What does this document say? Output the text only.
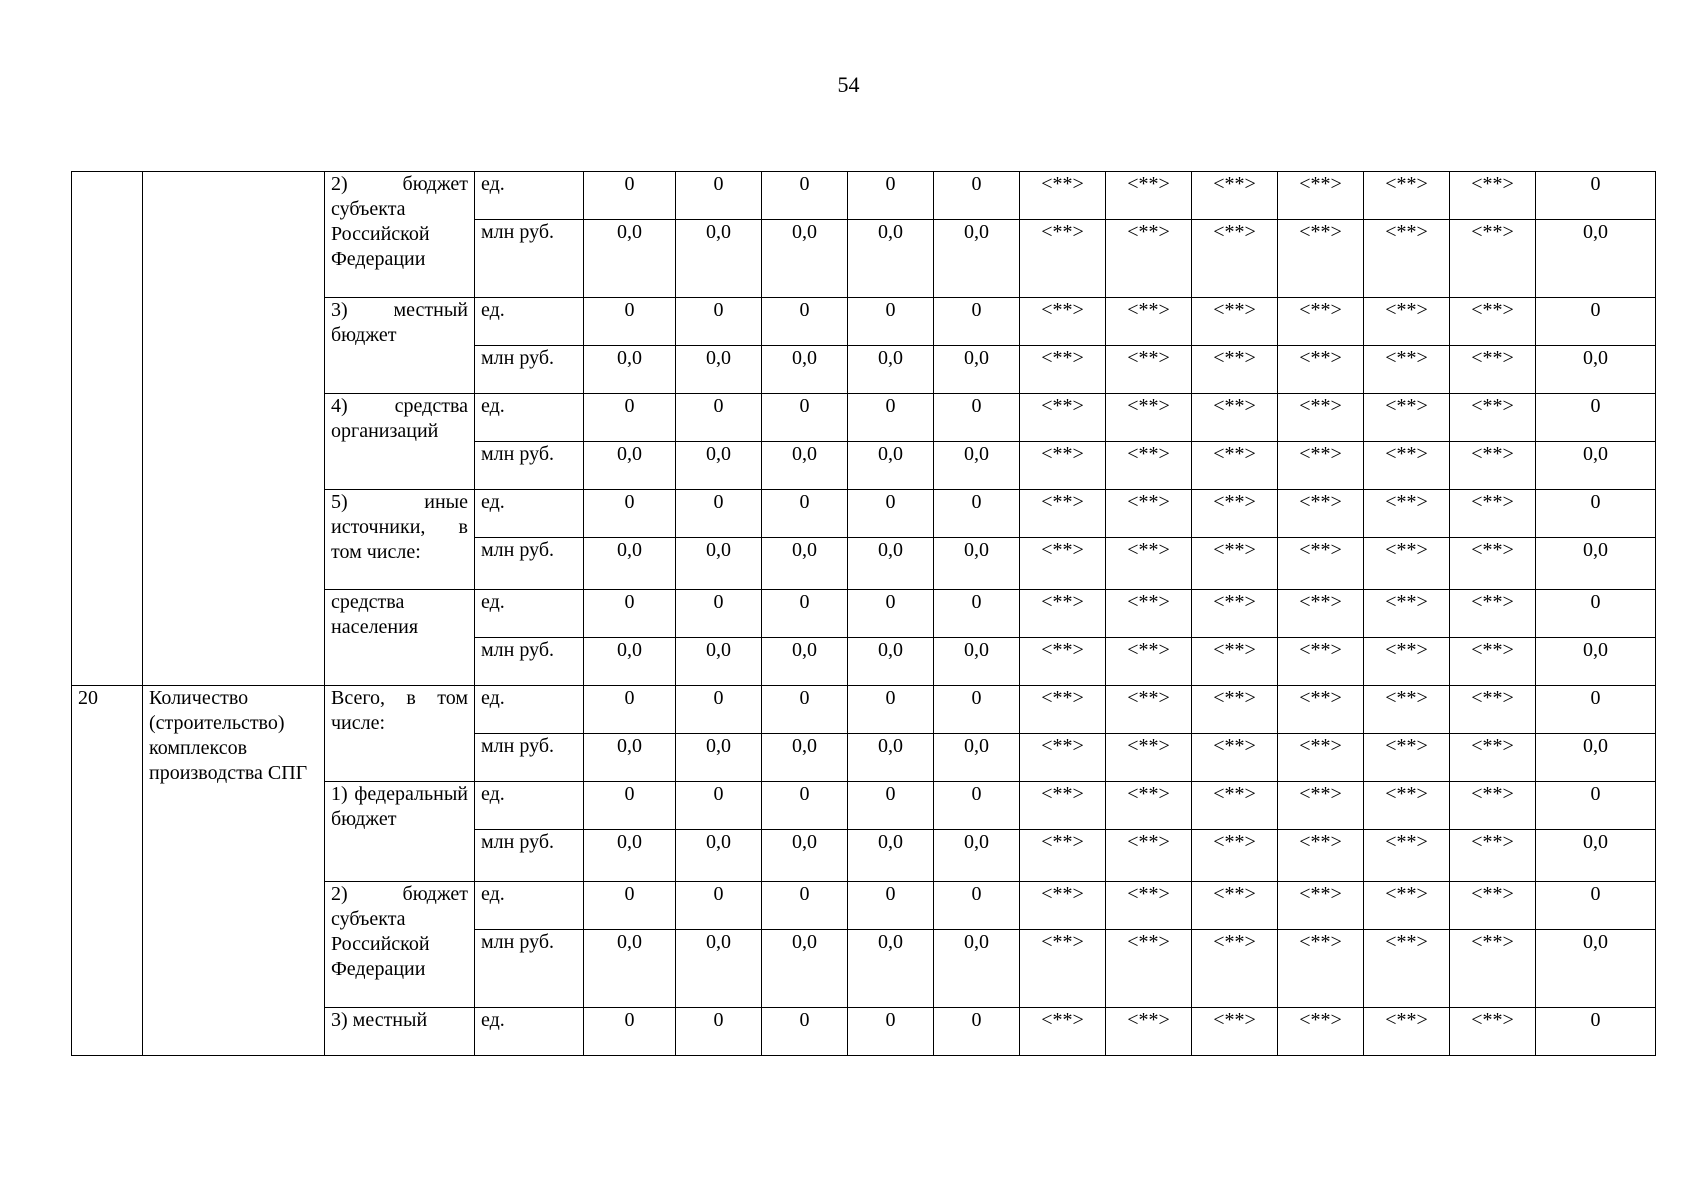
54
		2) бюджет субъекта Российской Федерации	ед.	0	0	0	0	0	<**>	<**>	<**>	<**>	<**>	<**>	0
			млн руб.	0,0	0,0	0,0	0,0	0,0	<**>	<**>	<**>	<**>	<**>	<**>	0,0
		3) местный бюджет	ед.	0	0	0	0	0	<**>	<**>	<**>	<**>	<**>	<**>	0
			млн руб.	0,0	0,0	0,0	0,0	0,0	<**>	<**>	<**>	<**>	<**>	<**>	0,0
		4) средства организаций	ед.	0	0	0	0	0	<**>	<**>	<**>	<**>	<**>	<**>	0
			млн руб.	0,0	0,0	0,0	0,0	0,0	<**>	<**>	<**>	<**>	<**>	<**>	0,0
		5) иные источники, в том числе:	ед.	0	0	0	0	0	<**>	<**>	<**>	<**>	<**>	<**>	0
			млн руб.	0,0	0,0	0,0	0,0	0,0	<**>	<**>	<**>	<**>	<**>	<**>	0,0
		средства населения	ед.	0	0	0	0	0	<**>	<**>	<**>	<**>	<**>	<**>	0
			млн руб.	0,0	0,0	0,0	0,0	0,0	<**>	<**>	<**>	<**>	<**>	<**>	0,0
20	Количество (строительство) комплексов производства СПГ	Всего, в том числе:	ед.	0	0	0	0	0	<**>	<**>	<**>	<**>	<**>	<**>	0
			млн руб.	0,0	0,0	0,0	0,0	0,0	<**>	<**>	<**>	<**>	<**>	<**>	0,0
		1) федеральный бюджет	ед.	0	0	0	0	0	<**>	<**>	<**>	<**>	<**>	<**>	0
			млн руб.	0,0	0,0	0,0	0,0	0,0	<**>	<**>	<**>	<**>	<**>	<**>	0,0
		2) бюджет субъекта Российской Федерации	ед.	0	0	0	0	0	<**>	<**>	<**>	<**>	<**>	<**>	0
			млн руб.	0,0	0,0	0,0	0,0	0,0	<**>	<**>	<**>	<**>	<**>	<**>	0,0
		3) местный	ед.	0	0	0	0	0	<**>	<**>	<**>	<**>	<**>	<**>	0
